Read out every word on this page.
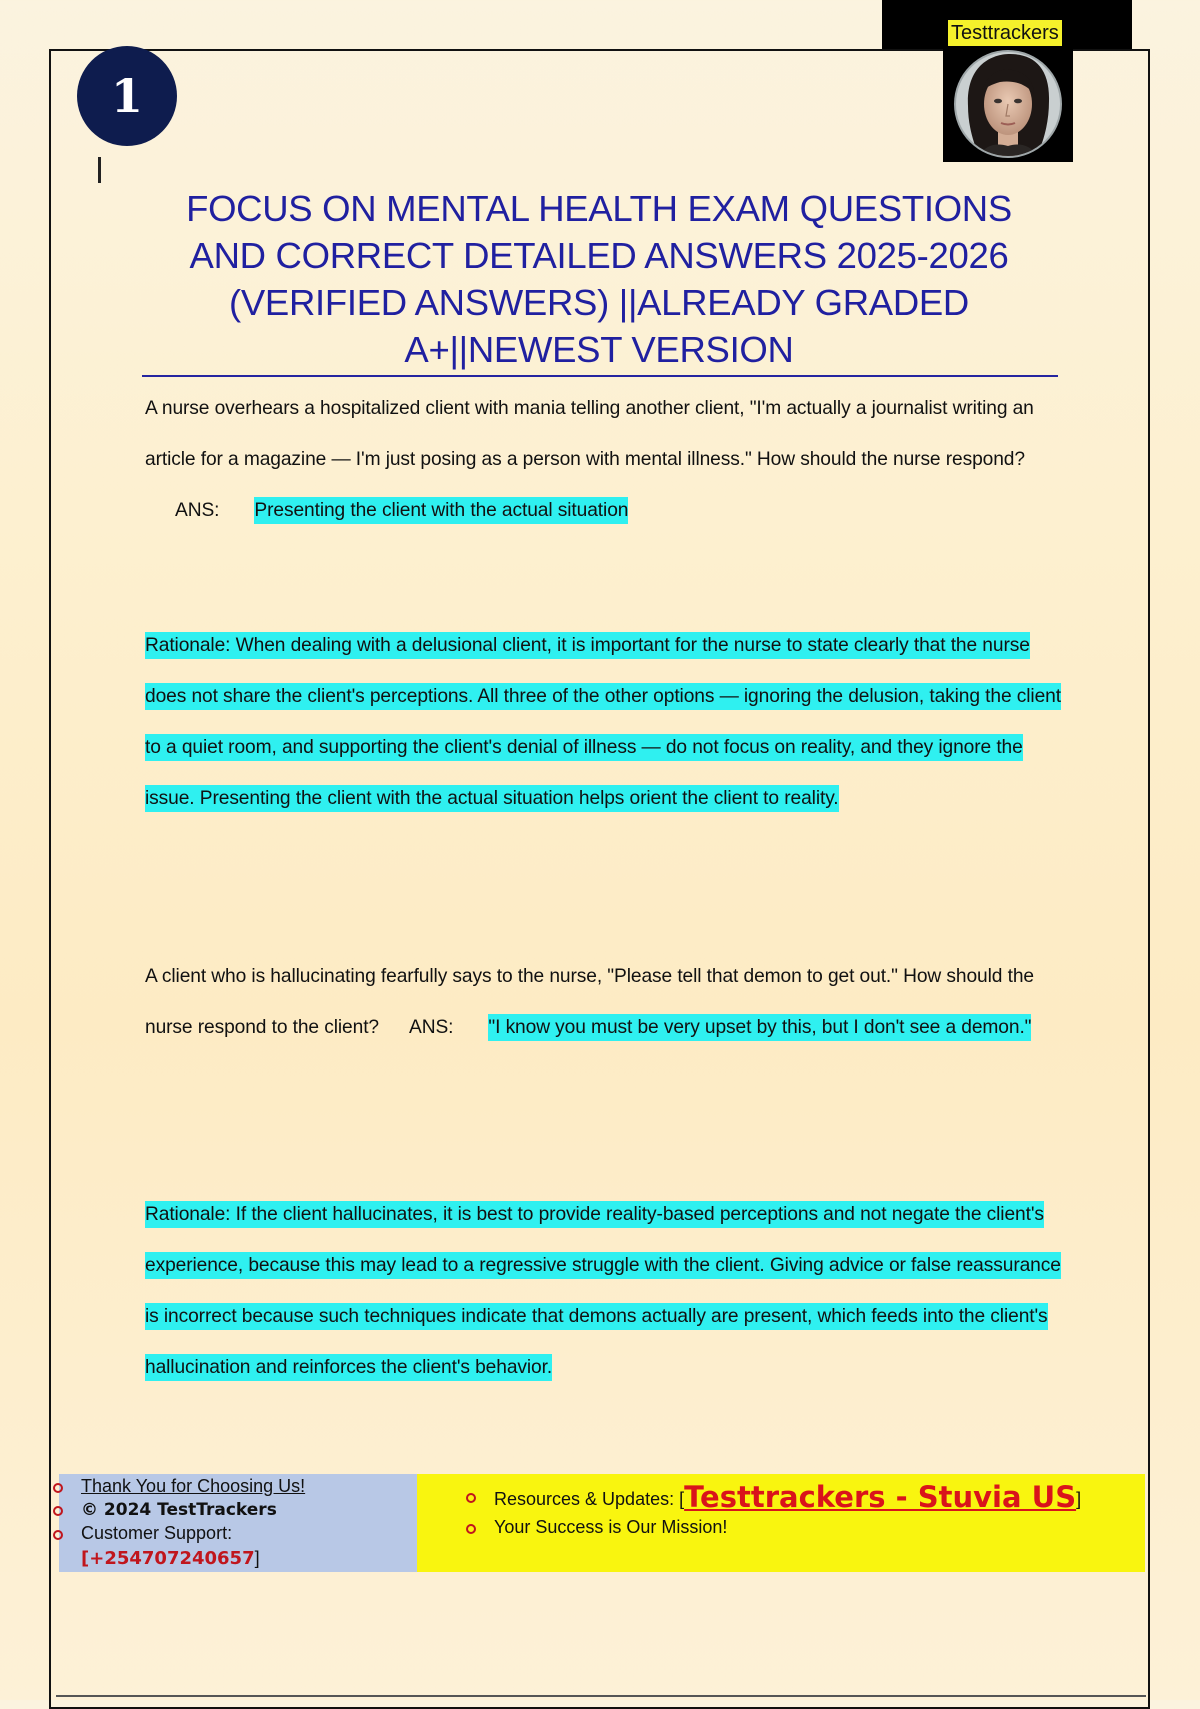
Testtrackers
1
FOCUS ON MENTAL HEALTH EXAM QUESTIONS
AND CORRECT DETAILED ANSWERS 2025-2026
(VERIFIED ANSWERS) ||ALREADY GRADED
A+||NEWEST VERSION

A nurse overhears a hospitalized client with mania telling another client, "I'm actually a journalist writing an article for a magazine — I'm just posing as a person with mental illness." How should the nurse respond?ANS: Presenting the client with the actual situation

Rationale: When dealing with a delusional client, it is important for the nurse to state clearly that the nurse does not share the client's perceptions. All three of the other options — ignoring the delusion, taking the client to a quiet room, and supporting the client's denial of illness — do not focus on reality, and they ignore the issue. Presenting the client with the actual situation helps orient the client to reality.

A client who is hallucinating fearfully says to the nurse, "Please tell that demon to get out." How should the nurse respond to the client? ANS: "I know you must be very upset by this, but I don't see a demon."

Rationale: If the client hallucinates, it is best to provide reality-based perceptions and not negate the client's experience, because this may lead to a regressive struggle with the client. Giving advice or false reassurance is incorrect because such techniques indicate that demons actually are present, which feeds into the client's hallucination and reinforces the client's behavior.

Thank You for Choosing Us!
© 2024 TestTrackers
Customer Support:
[+254707240657]
Resources & Updates: [Testtrackers - Stuvia US]
Your Success is Our Mission!
